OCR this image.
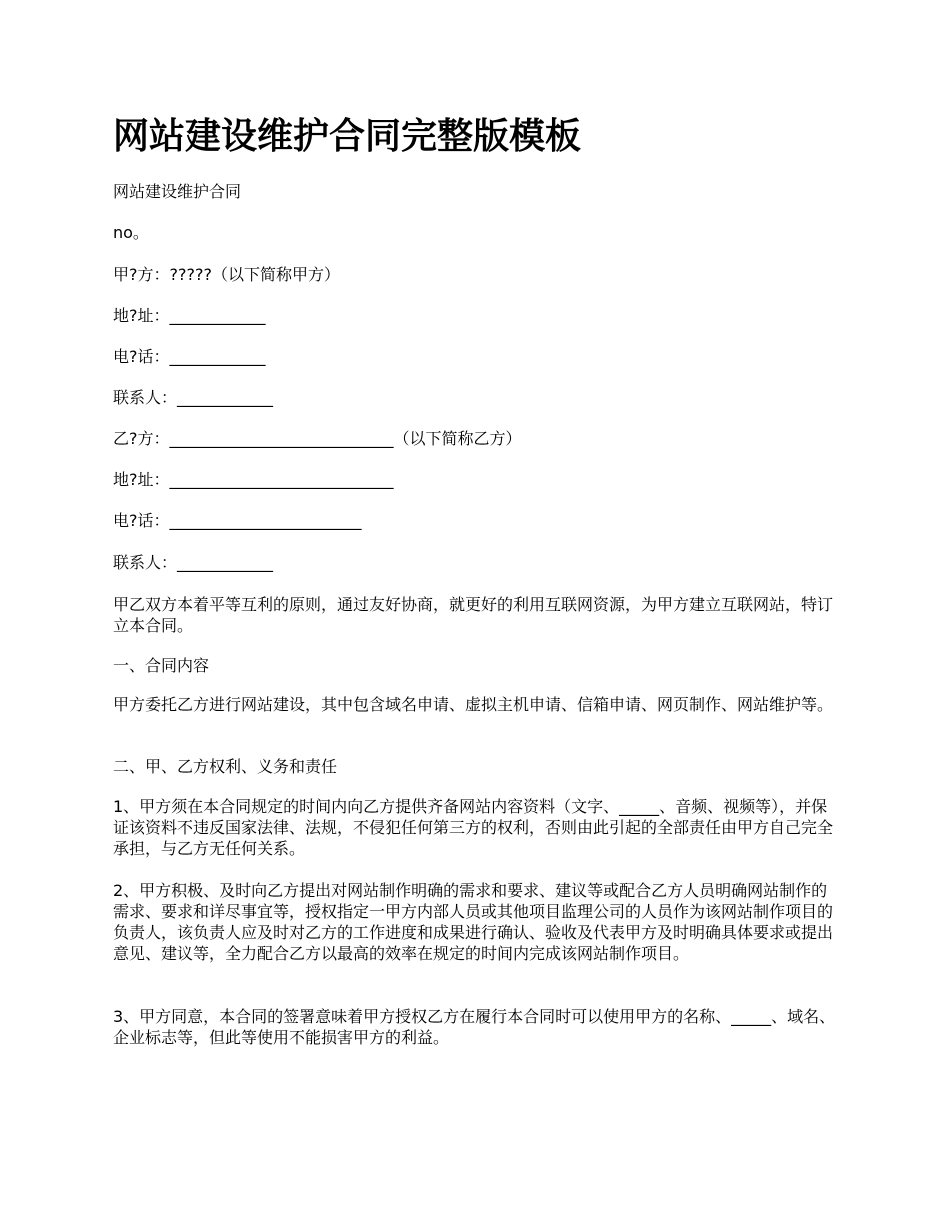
网站建设维护合同完整版模板

网站建设维护合同

no。

甲?方：?????（以下简称甲方）

地?址：____________

电?话：____________

联系人：____________

乙?方：____________________________（以下简称乙方）

地?址：____________________________

电?话：________________________

联系人：____________

甲乙双方本着平等互利的原则，通过友好协商，就更好的利用互联网资源，为甲方建立互联网站，特订立本合同。

一、合同内容

甲方委托乙方进行网站建设，其中包含域名申请、虚拟主机申请、信箱申请、网页制作、网站维护等。

二、甲、乙方权利、义务和责任

1、甲方须在本合同规定的时间内向乙方提供齐备网站内容资料（文字、_____、音频、视频等），并保证该资料不违反国家法律、法规，不侵犯任何第三方的权利，否则由此引起的全部责任由甲方自己完全承担，与乙方无任何关系。

2、甲方积极、及时向乙方提出对网站制作明确的需求和要求、建议等或配合乙方人员明确网站制作的需求、要求和详尽事宜等，授权指定一甲方内部人员或其他项目监理公司的人员作为该网站制作项目的负责人，该负责人应及时对乙方的工作进度和成果进行确认、验收及代表甲方及时明确具体要求或提出意见、建议等，全力配合乙方以最高的效率在规定的时间内完成该网站制作项目。

3、甲方同意，本合同的签署意味着甲方授权乙方在履行本合同时可以使用甲方的名称、_____、域名、企业标志等，但此等使用不能损害甲方的利益。
